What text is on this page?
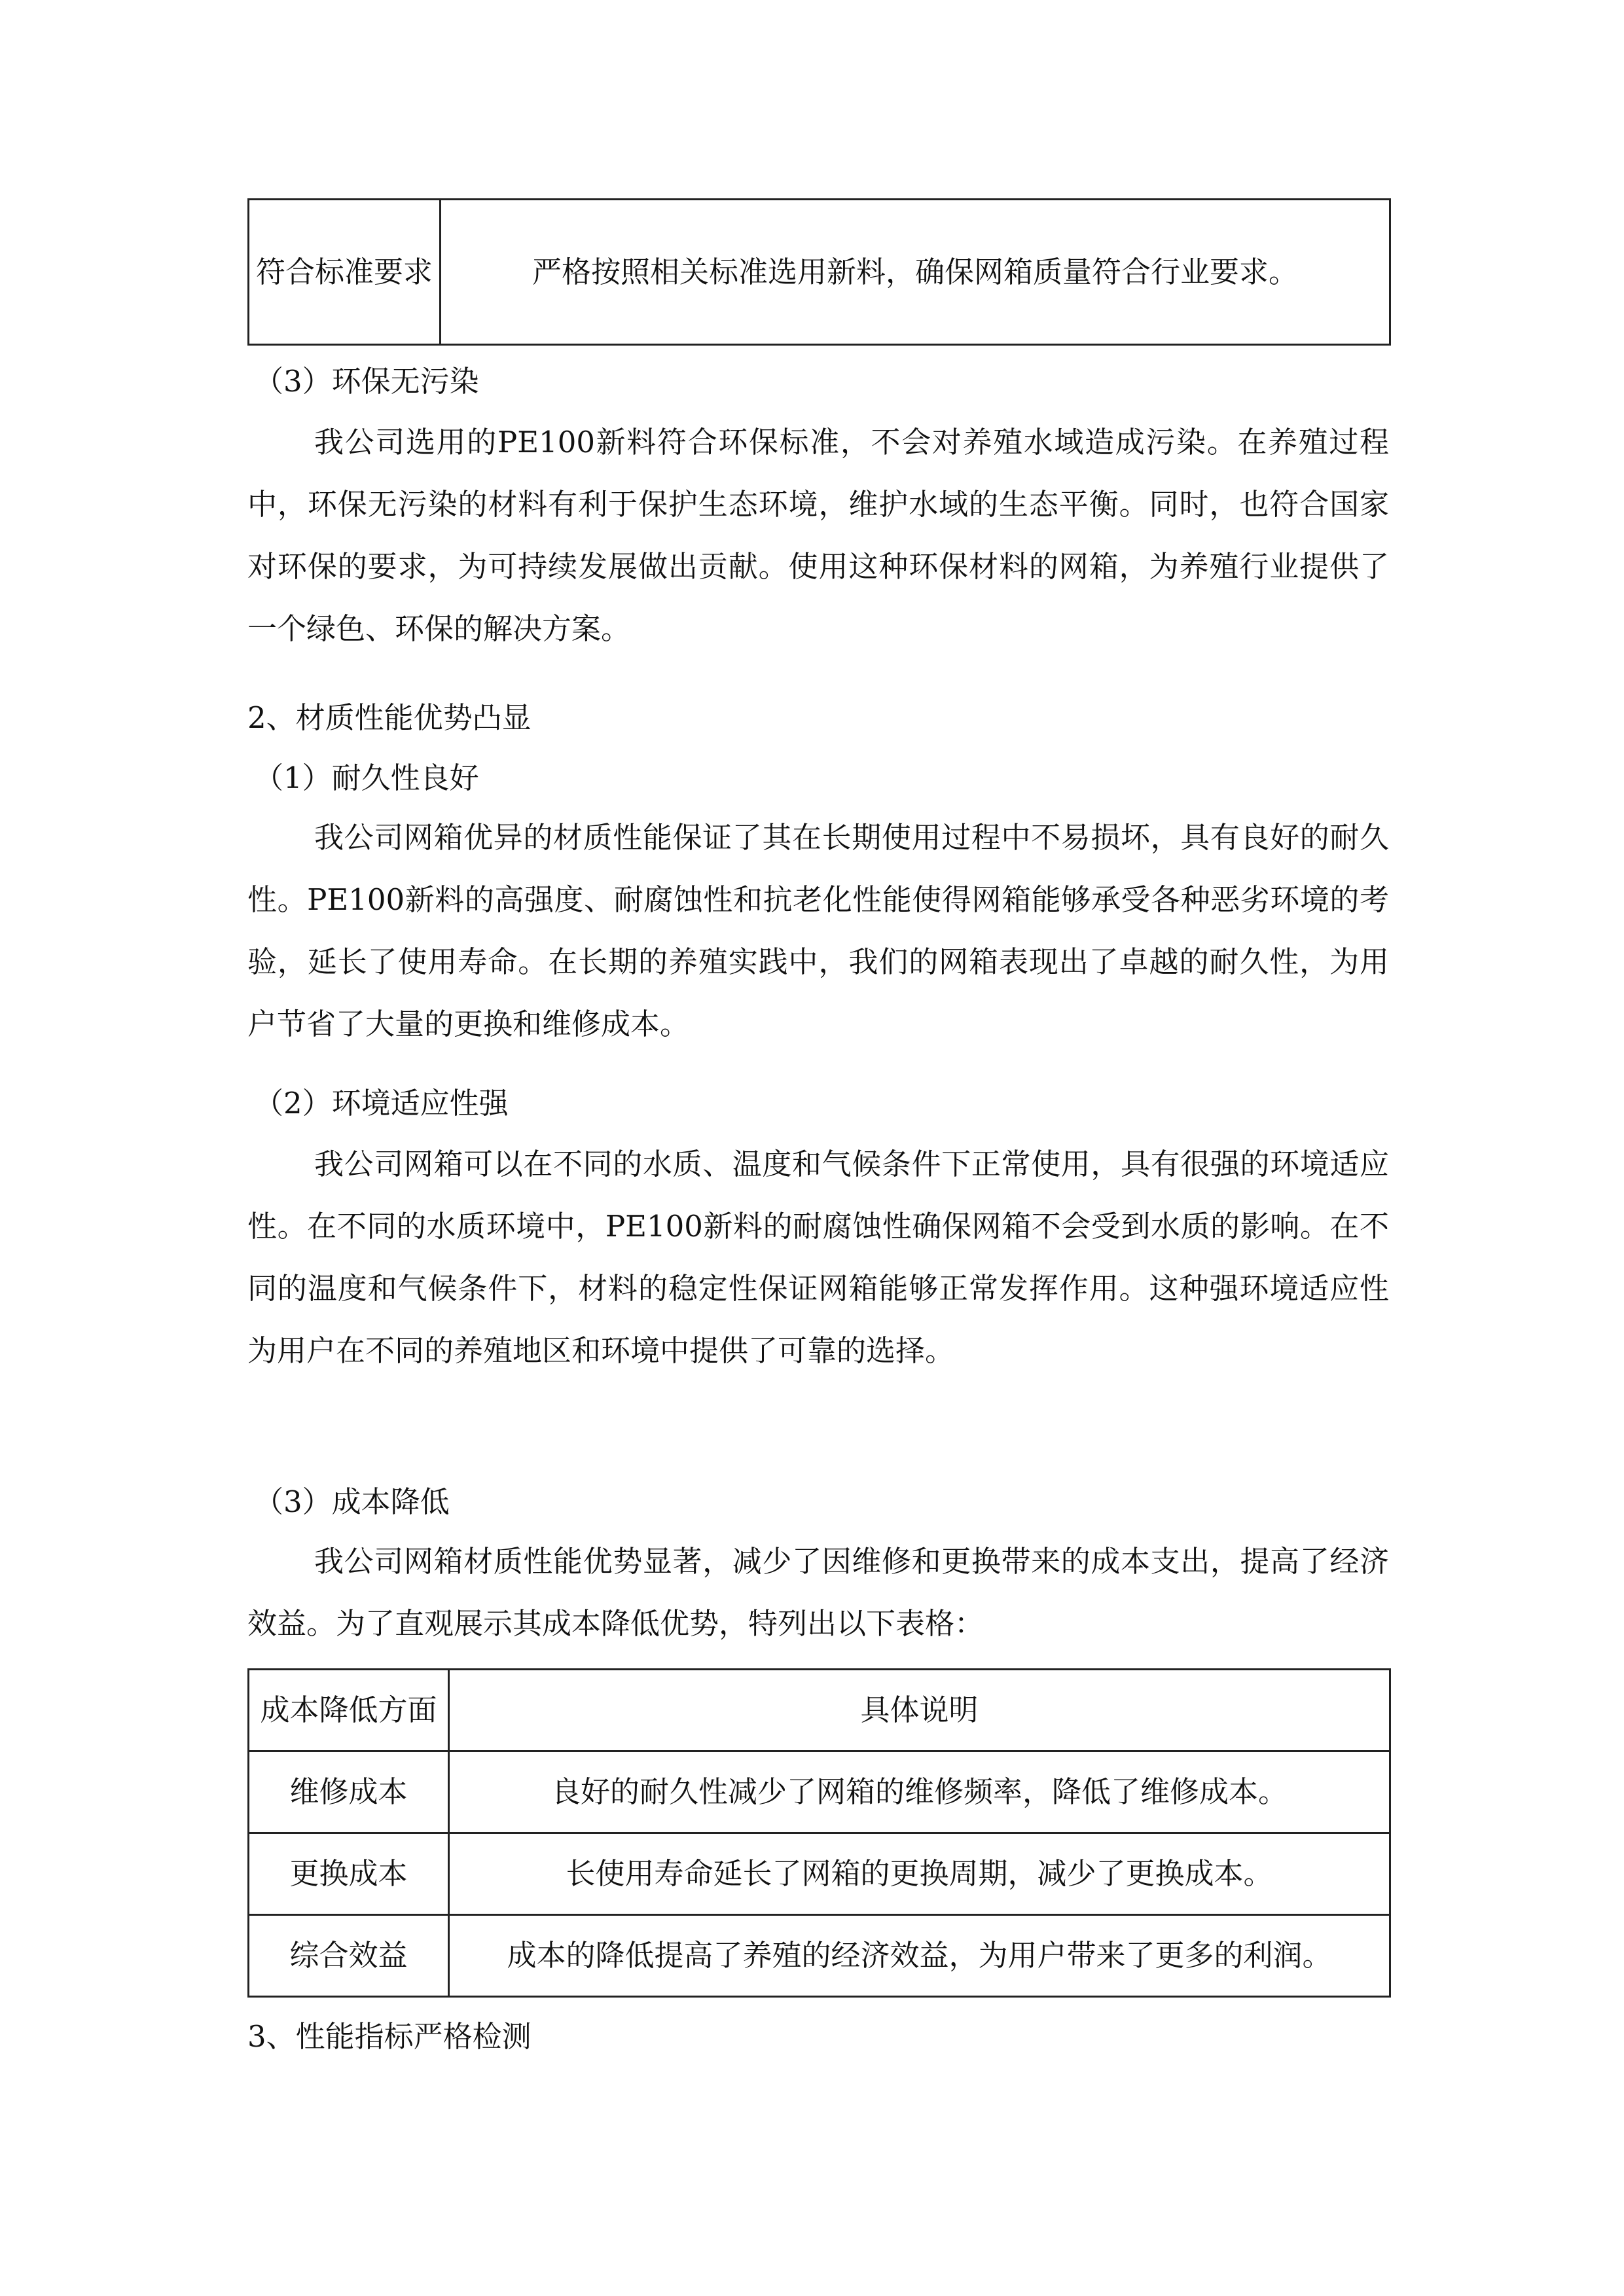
符合标准要求	严格按照相关标准选用新料，确保网箱质量符合行业要求。
（3）环保无污染

我公司选用的PE100新料符合环保标准，不会对养殖水域造成污染。在养殖过程中，环保无污染的材料有利于保护生态环境，维护水域的生态平衡。同时，也符合国家对环保的要求，为可持续发展做出贡献。使用这种环保材料的网箱，为养殖行业提供了一个绿色、环保的解决方案。

2、材质性能优势凸显
（1）耐久性良好

我公司网箱优异的材质性能保证了其在长期使用过程中不易损坏，具有良好的耐久性。PE100新料的高强度、耐腐蚀性和抗老化性能使得网箱能够承受各种恶劣环境的考验，延长了使用寿命。在长期的养殖实践中，我们的网箱表现出了卓越的耐久性，为用户节省了大量的更换和维修成本。

（2）环境适应性强

我公司网箱可以在不同的水质、温度和气候条件下正常使用，具有很强的环境适应性。在不同的水质环境中，PE100新料的耐腐蚀性确保网箱不会受到水质的影响。在不同的温度和气候条件下，材料的稳定性保证网箱能够正常发挥作用。这种强环境适应性为用户在不同的养殖地区和环境中提供了可靠的选择。

（3）成本降低

我公司网箱材质性能优势显著，减少了因维修和更换带来的成本支出，提高了经济效益。为了直观展示其成本降低优势，特列出以下表格：

成本降低方面	具体说明
维修成本	良好的耐久性减少了网箱的维修频率，降低了维修成本。
更换成本	长使用寿命延长了网箱的更换周期，减少了更换成本。
综合效益	成本的降低提高了养殖的经济效益，为用户带来了更多的利润。
3、性能指标严格检测
